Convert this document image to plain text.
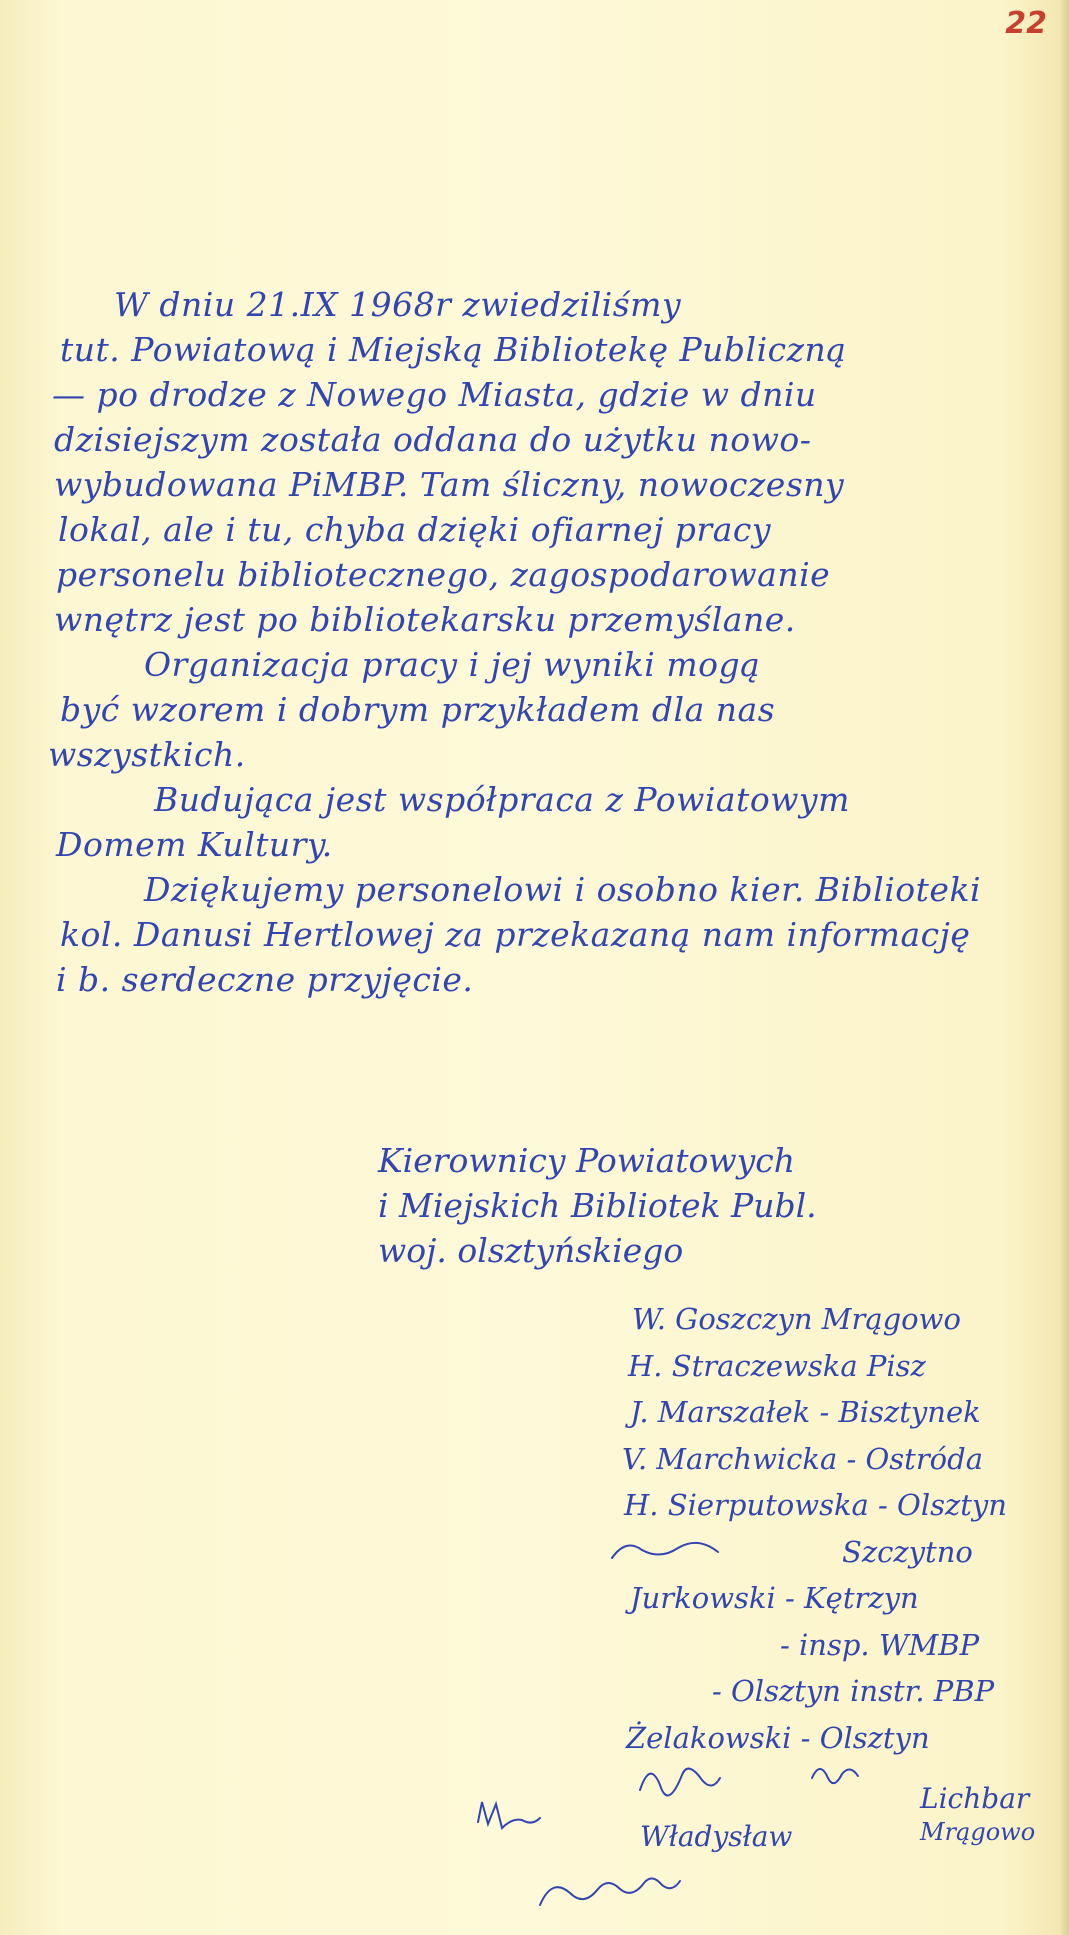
22
W dniu 21.IX 1968r zwiedziliśmy
tut. Powiatową i Miejską Bibliotekę Publiczną
— po drodze z Nowego Miasta, gdzie w dniu
dzisiejszym została oddana do użytku nowo-
wybudowana PiMBP. Tam śliczny, nowoczesny
lokal, ale i tu, chyba dzięki ofiarnej pracy
personelu bibliotecznego, zagospodarowanie
wnętrz jest po bibliotekarsku przemyślane.
Organizacja pracy i jej wyniki mogą
być wzorem i dobrym przykładem dla nas
wszystkich.
Budująca jest współpraca z Powiatowym
Domem Kultury.
Dziękujemy personelowi i osobno kier. Biblioteki
kol. Danusi Hertlowej za przekazaną nam informację
i b. serdeczne przyjęcie.
Kierownicy Powiatowych
i Miejskich Bibliotek Publ.
woj. olsztyńskiego
W. Goszczyn Mrągowo
H. Straczewska Pisz
J. Marszałek - Bisztynek
V. Marchwicka - Ostróda
H. Sierputowska - Olsztyn
Szczytno
Jurkowski - Kętrzyn
- insp. WMBP
- Olsztyn instr. PBP
Żelakowski - Olsztyn
Władysław
Lichbar
Mrągowo
